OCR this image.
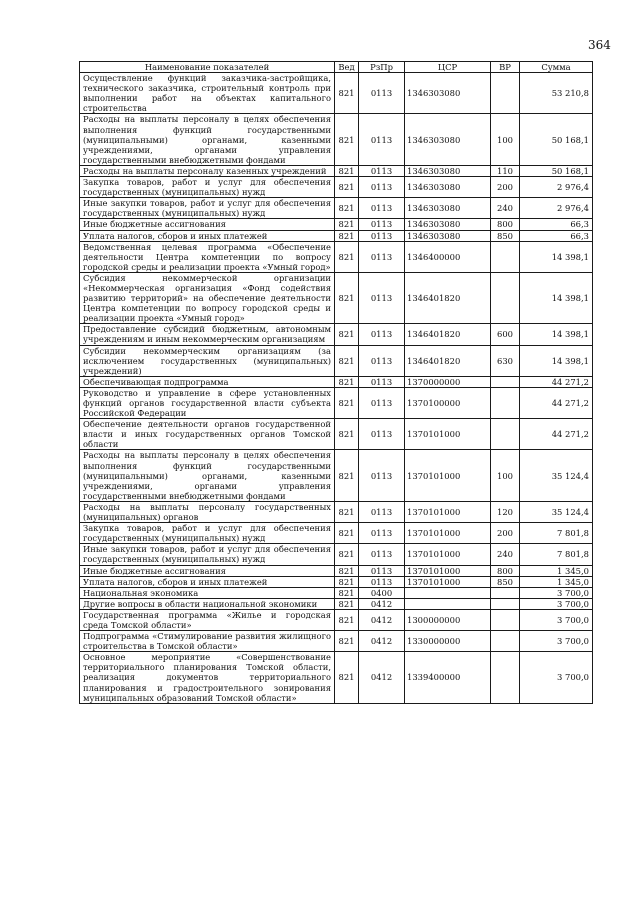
364
Наименование показателей	Вед	РзПр	ЦСР	ВР	Сумма
Осуществление функций заказчика-застройщика, технического заказчика, строительный контроль при выполнении работ на объектах капитального строительства	821	0113	1346303080		53 210,8
Расходы на выплаты персоналу в целях обеспечения выполнения функций государственными (муниципальными) органами, казенными учреждениями, органами управления государственными внебюджетными фондами	821	0113	1346303080	100	50 168,1
Расходы на выплаты персоналу казенных учреждений	821	0113	1346303080	110	50 168,1
Закупка товаров, работ и услуг для обеспечения государственных (муниципальных) нужд	821	0113	1346303080	200	2 976,4
Иные закупки товаров, работ и услуг для обеспечения государственных (муниципальных) нужд	821	0113	1346303080	240	2 976,4
Иные бюджетные ассигнования	821	0113	1346303080	800	66,3
Уплата налогов, сборов и иных платежей	821	0113	1346303080	850	66,3
Ведомственная целевая программа «Обеспечение деятельности Центра компетенции по вопросу городской среды и реализации проекта «Умный город»	821	0113	1346400000		14 398,1
Субсидия некоммерческой организации «Некоммерческая организация «Фонд содействия развитию территорий» на обеспечение деятельности Центра компетенции по вопросу городской среды и реализации проекта «Умный город»	821	0113	1346401820		14 398,1
Предоставление субсидий бюджетным, автономным учреждениям и иным некоммерческим организациям	821	0113	1346401820	600	14 398,1
Субсидии некоммерческим организациям (за исключением государственных (муниципальных) учреждений)	821	0113	1346401820	630	14 398,1
Обеспечивающая подпрограмма	821	0113	1370000000		44 271,2
Руководство и управление в сфере установленных функций органов государственной власти субъекта Российской Федерации	821	0113	1370100000		44 271,2
Обеспечение деятельности органов государственной власти и иных государственных органов Томской области	821	0113	1370101000		44 271,2
Расходы на выплаты персоналу в целях обеспечения выполнения функций государственными (муниципальными) органами, казенными учреждениями, органами управления государственными внебюджетными фондами	821	0113	1370101000	100	35 124,4
Расходы на выплаты персоналу государственных (муниципальных) органов	821	0113	1370101000	120	35 124,4
Закупка товаров, работ и услуг для обеспечения государственных (муниципальных) нужд	821	0113	1370101000	200	7 801,8
Иные закупки товаров, работ и услуг для обеспечения государственных (муниципальных) нужд	821	0113	1370101000	240	7 801,8
Иные бюджетные ассигнования	821	0113	1370101000	800	1 345,0
Уплата налогов, сборов и иных платежей	821	0113	1370101000	850	1 345,0
Национальная экономика	821	0400			3 700,0
Другие вопросы в области национальной экономики	821	0412			3 700,0
Государственная программа «Жилье и городская среда Томской области»	821	0412	1300000000		3 700,0
Подпрограмма «Стимулирование развития жилищного строительства в Томской области»	821	0412	1330000000		3 700,0
Основное мероприятие «Совершенствование территориального планирования Томской области, реализация документов территориального планирования и градостроительного зонирования муниципальных образований Томской области»	821	0412	1339400000		3 700,0
